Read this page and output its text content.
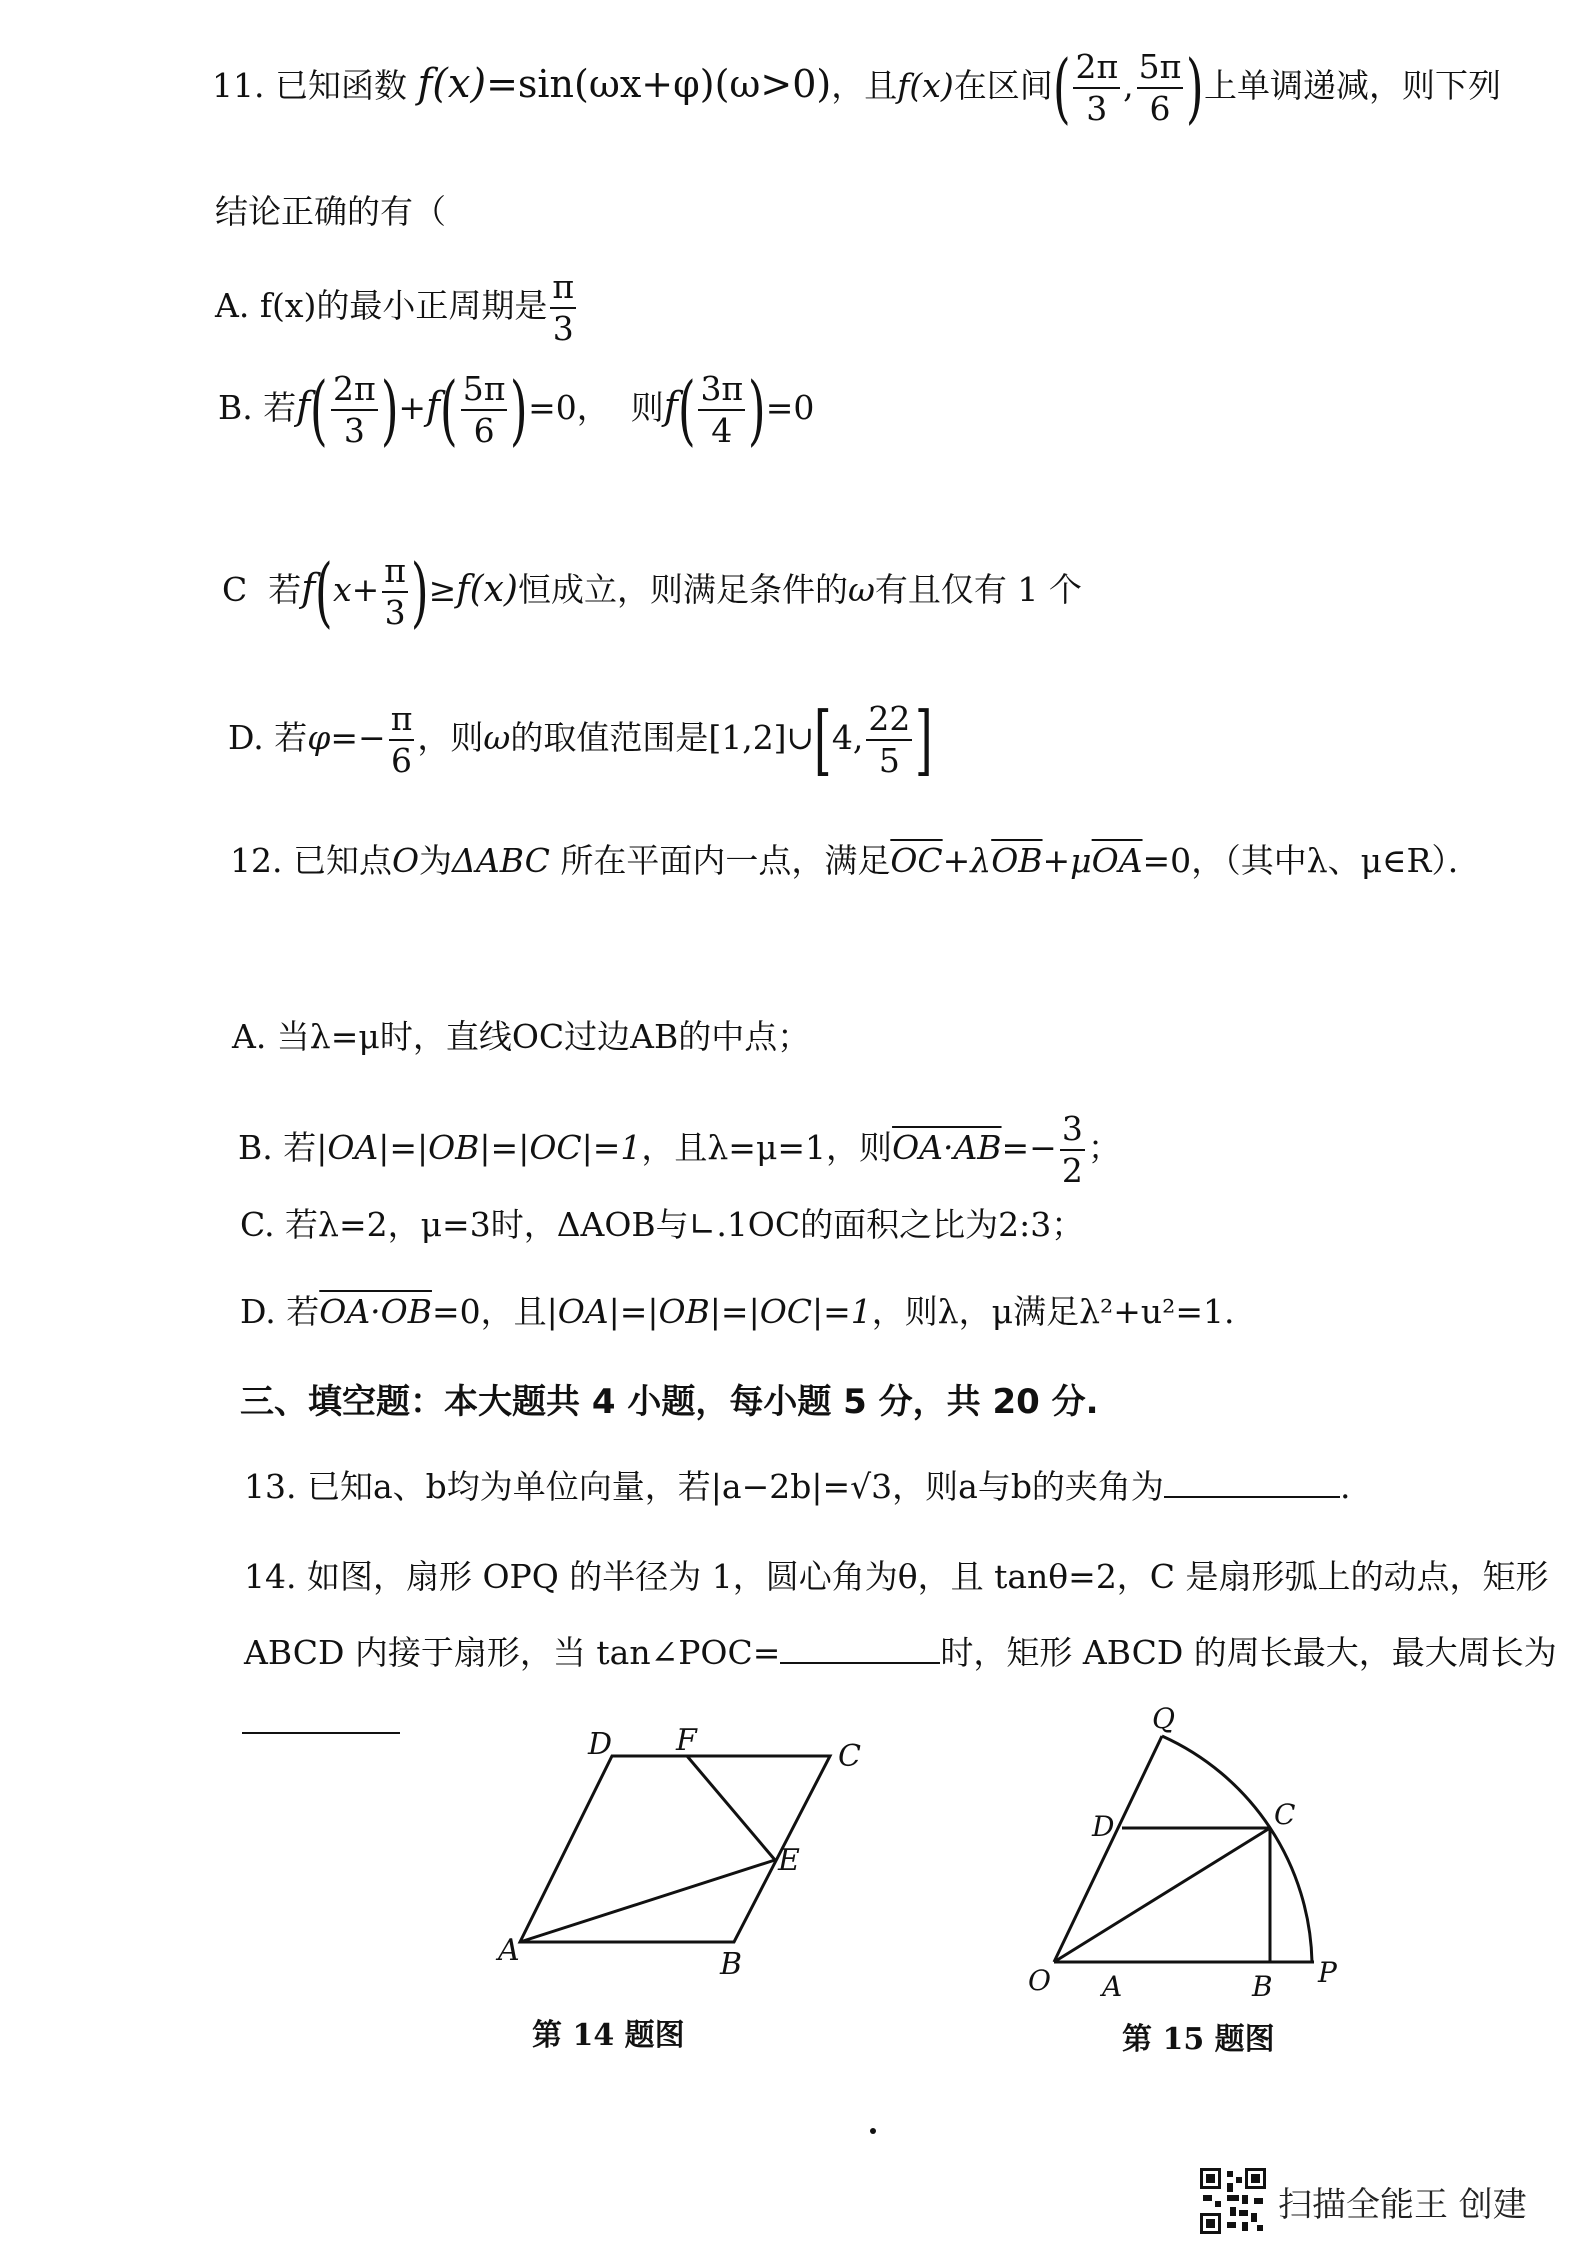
11. 已知函数 f(x)=sin(ωx+φ)(ω>0)，且f(x)在区间( $\frac{2\pi}{3}$ , $\frac{5\pi}{6}$ )上单调递减，则下列
结论正确的有（
A. f(x)的最小正周期是 $\frac{\pi}{3}$
B. 若$f( \frac{2\pi}{3} )+f( \frac{5\pi}{6} )=0$， 则$f( \frac{3\pi}{4} )=0$
C 若$f(x+ \frac{\pi}{3} )\ge f(x)$恒成立，则满足条件的ω有且仅有 1 个
D. 若$\varphi=- \frac{\pi}{6}$ ，则ω的取值范围是[1,2]∪[4, $\frac{22}{5}$ ]
12. 已知点O为ΔABC 所在平面内一点，满足$\overline{OC}+\lambda\overline{OB}+\mu\overline{OA}=0$，（其中λ、μ∈R）．
A. 当λ=μ时，直线OC过边AB的中点；
B. 若|OA|=|OB|=|OC|=1，且λ=μ=1，则$OA\cdot AB=- \frac{3}{2}$ ；
C. 若λ=2，μ=3时，ΔAOB与∟.1OC的面积之比为2:3；
D. 若OA·OB=0，且|OA|=|OB|=|OC|=1，则λ，μ满足λ²+u²=1.
三、填空题：本大题共 4 小题，每小题 5 分，共 20 分.
13. 已知a、b均为单位向量，若|a−2b|=√3，则a与b的夹角为	.
14. 如图，扇形 OPQ 的半径为 1，圆心角为θ，且 tanθ=2，C 是扇形弧上的动点，矩形
ABCD 内接于扇形，当 tan∠POC=	时，矩形 ABCD 的周长最大，最大周长为
A	B
C
D
E
F
第 14 题图
O A	B P
Q
C
D
第 15 题图
扫描全能王 创建
